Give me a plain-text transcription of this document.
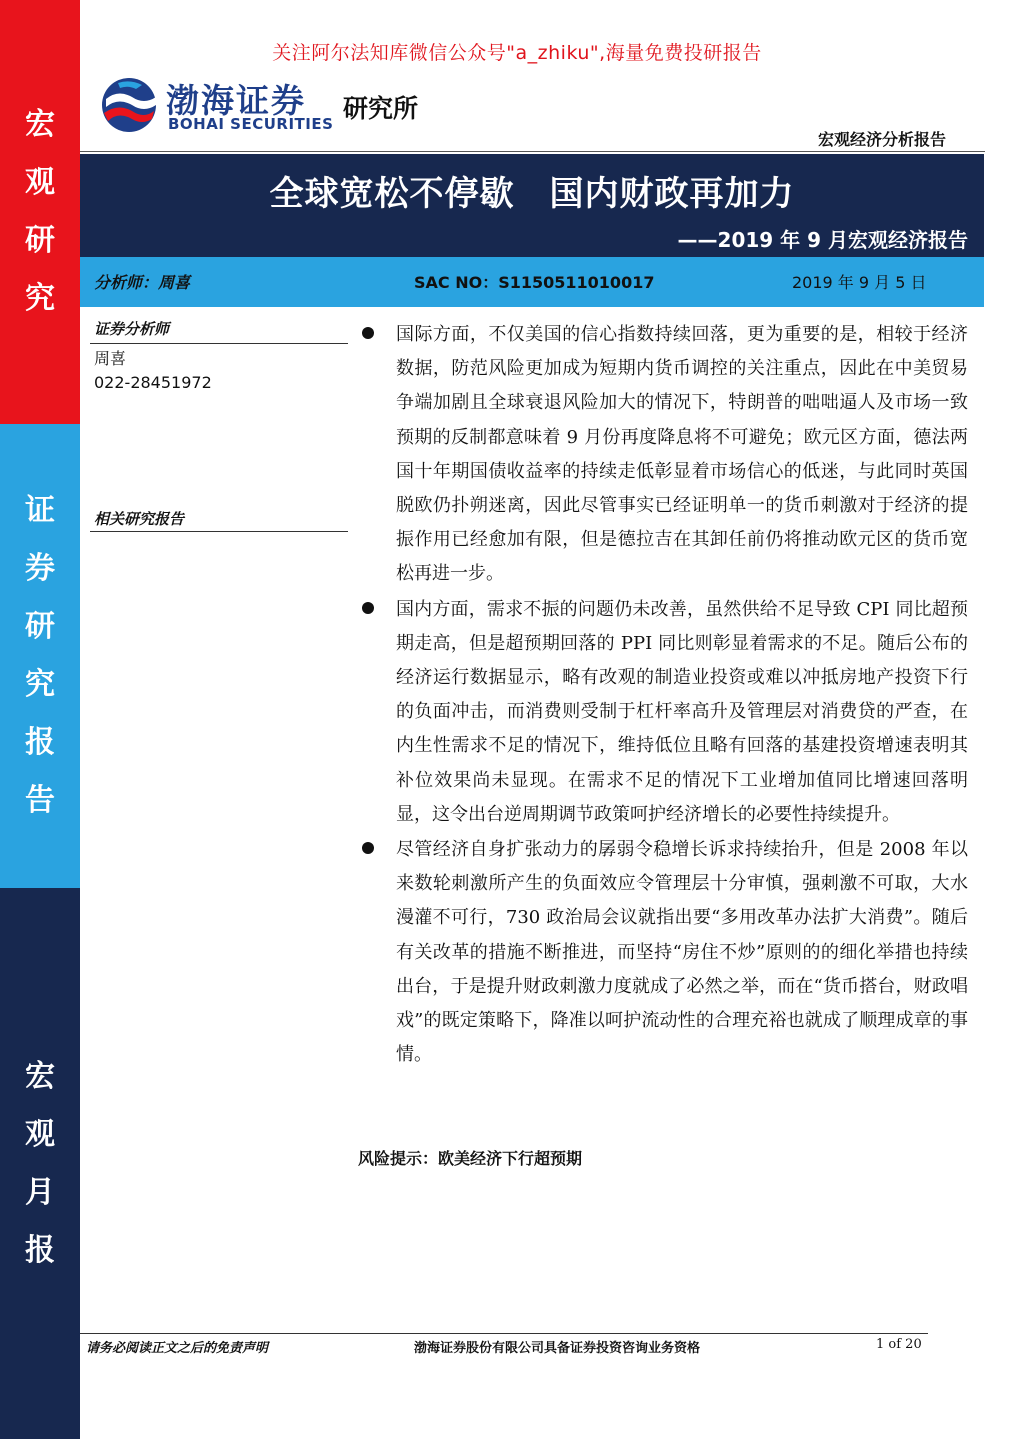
关注阿尔法知库微信公众号"a_zhiku",海量免费投研报告
宏
观
研
究
证
券
研
究
报
告
宏
观
月
报
渤海证券
BOHAI SECURITIES
研究所
宏观经济分析报告
全球宽松不停歇　国内财政再加力
——2019 年 9 月宏观经济报告
分析师：周喜	SAC NO：S1150511010017	2019 年 9 月 5 日
证券分析师
周喜
022-28451972
相关研究报告
国际方面，不仅美国的信心指数持续回落，更为重要的是，相较于经济数据，防范风险更加成为短期内货币调控的关注重点，因此在中美贸易争端加剧且全球衰退风险加大的情况下，特朗普的咄咄逼人及市场一致预期的反制都意味着 9 月份再度降息将不可避免；欧元区方面，德法两国十年期国债收益率的持续走低彰显着市场信心的低迷，与此同时英国脱欧仍扑朔迷离，因此尽管事实已经证明单一的货币刺激对于经济的提振作用已经愈加有限，但是德拉吉在其卸任前仍将推动欧元区的货币宽松再进一步。
国内方面，需求不振的问题仍未改善，虽然供给不足导致 CPI 同比超预期走高，但是超预期回落的 PPI 同比则彰显着需求的不足。随后公布的经济运行数据显示，略有改观的制造业投资或难以冲抵房地产投资下行的负面冲击，而消费则受制于杠杆率高升及管理层对消费贷的严查，在内生性需求不足的情况下，维持低位且略有回落的基建投资增速表明其补位效果尚未显现。在需求不足的情况下工业增加值同比增速回落明显，这令出台逆周期调节政策呵护经济增长的必要性持续提升。
尽管经济自身扩张动力的孱弱令稳增长诉求持续抬升，但是 2008 年以来数轮刺激所产生的负面效应令管理层十分审慎，强刺激不可取，大水漫灌不可行，730 政治局会议就指出要“多用改革办法扩大消费”。随后有关改革的措施不断推进，而坚持“房住不炒”原则的的细化举措也持续出台，于是提升财政刺激力度就成了必然之举，而在“货币搭台，财政唱戏”的既定策略下，降准以呵护流动性的合理充裕也就成了顺理成章的事情。
风险提示：欧美经济下行超预期
请务必阅读正文之后的免责声明	渤海证券股份有限公司具备证券投资咨询业务资格	1 of 20
